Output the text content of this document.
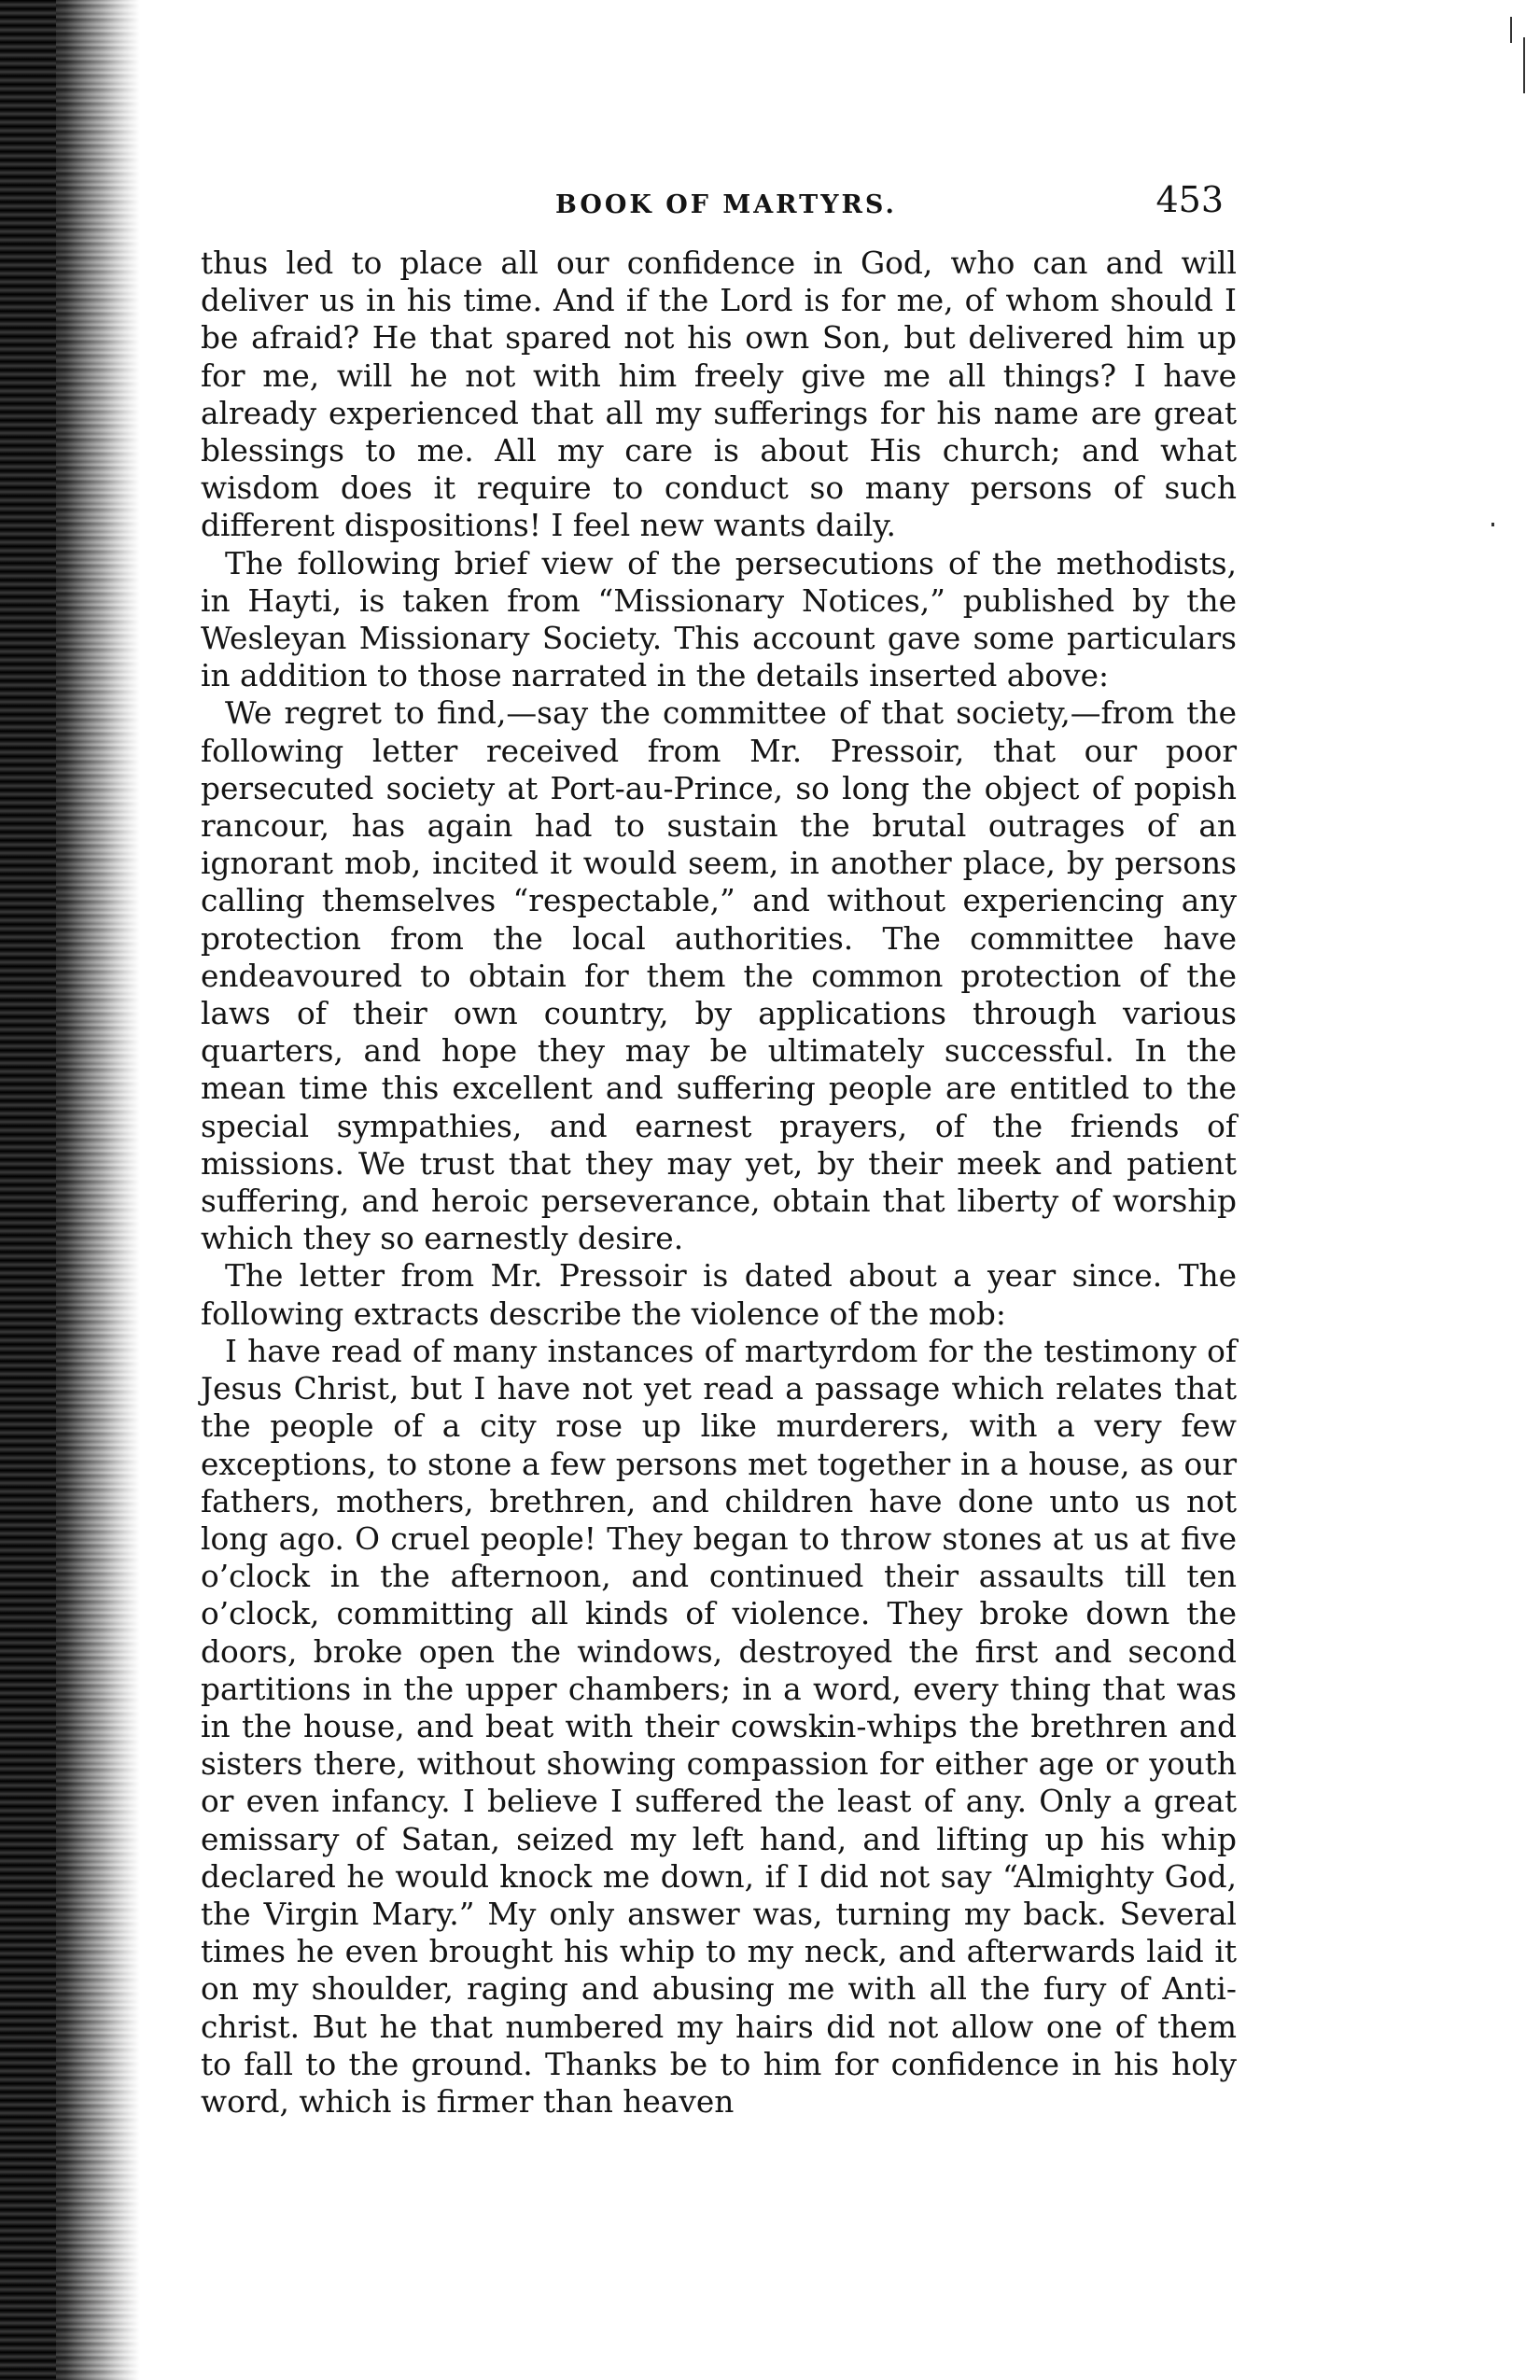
BOOK OF MARTYRS.	453

thus led to place all our confidence in God, who can and will deliver us in his time. And if the Lord is for me, of whom should I be afraid? He that spared not his own Son, but delivered him up for me, will he not with him freely give me all things? I have already experienced that all my sufferings for his name are great blessings to me. All my care is about His church; and what wisdom does it require to conduct so many persons of such different dispositions! I feel new wants daily.

The following brief view of the persecutions of the methodists, in Hayti, is taken from “Missionary Notices,” published by the Wesleyan Missionary Society. This account gave some particulars in addition to those narrated in the details inserted above:

We regret to find,—say the committee of that society,—from the following letter received from Mr. Pressoir, that our poor persecuted society at Port-au-Prince, so long the object of popish rancour, has again had to sustain the brutal outrages of an ignorant mob, incited it would seem, in another place, by persons calling themselves “respectable,” and without experiencing any protection from the local authorities. The committee have endeavoured to obtain for them the common protection of the laws of their own country, by applications through various quarters, and hope they may be ultimately successful. In the mean time this excellent and suffering people are entitled to the special sympathies, and earnest prayers, of the friends of missions. We trust that they may yet, by their meek and patient suffering, and heroic perseverance, obtain that liberty of worship which they so earnestly desire.

The letter from Mr. Pressoir is dated about a year since. The following extracts describe the violence of the mob:

I have read of many instances of martyrdom for the testimony of Jesus Christ, but I have not yet read a passage which relates that the people of a city rose up like murderers, with a very few exceptions, to stone a few persons met together in a house, as our fathers, mothers, brethren, and children have done unto us not long ago. O cruel people! They began to throw stones at us at five o’clock in the afternoon, and continued their assaults till ten o’clock, committing all kinds of violence. They broke down the doors, broke open the windows, destroyed the first and second partitions in the upper chambers; in a word, every thing that was in the house, and beat with their cowskin-whips the brethren and sisters there, without showing compassion for either age or youth or even infancy. I believe I suffered the least of any. Only a great emissary of Satan, seized my left hand, and lifting up his whip declared he would knock me down, if I did not say “Almighty God, the Virgin Mary.” My only answer was, turning my back. Several times he even brought his whip to my neck, and afterwards laid it on my shoulder, raging and abusing me with all the fury of Anti-christ. But he that numbered my hairs did not allow one of them to fall to the ground. Thanks be to him for confidence in his holy word, which is firmer than heaven
